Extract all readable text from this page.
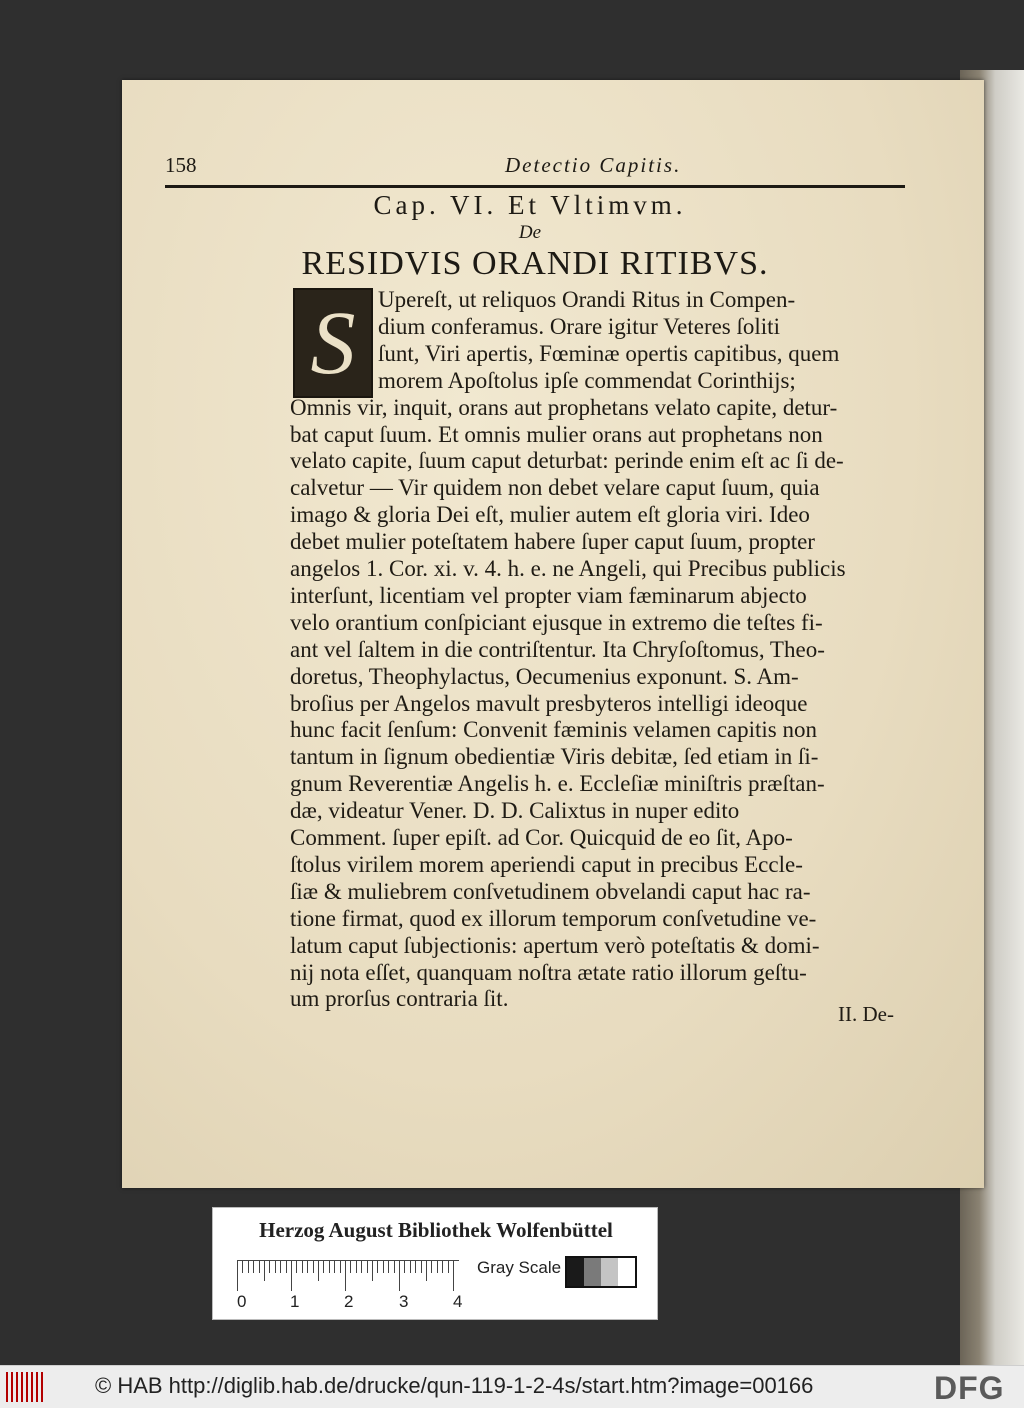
158	Detectio Capitis.
Cap. VI. Et Vltimvm.
De
RESIDVIS ORANDI RITIBVS.
S Upereſt, ut reliquos Orandi Ritus in Compen-
dium conferamus. Orare igitur Veteres ſoliti
ſunt, Viri apertis, Fœminæ opertis capitibus, quem
morem Apoſtolus ipſe commendat Corinthijs;
Omnis vir, inquit, orans aut prophetans velato capite, detur-
bat caput ſuum. Et omnis mulier orans aut prophetans non
velato capite, ſuum caput deturbat: perinde enim eſt ac ſi de-
calvetur — Vir quidem non debet velare caput ſuum, quia
imago & gloria Dei eſt, mulier autem eſt gloria viri. Ideo
debet mulier poteſtatem habere ſuper caput ſuum, propter
angelos 1. Cor. xi. v. 4. h. e. ne Angeli, qui Precibus publicis
interſunt, licentiam vel propter viam fæminarum abjecto
velo orantium conſpiciant ejusque in extremo die teſtes fi-
ant vel ſaltem in die contriſtentur. Ita Chryſoſtomus, Theo-
doretus, Theophylactus, Oecumenius exponunt. S. Am-
broſius per Angelos mavult presbyteros intelligi ideoque
hunc facit ſenſum: Convenit fæminis velamen capitis non
tantum in ſignum obedientiæ Viris debitæ, ſed etiam in ſi-
gnum Reverentiæ Angelis h. e. Eccleſiæ miniſtris præſtan-
dæ, videatur Vener. D. D. Calixtus in nuper edito
Comment. ſuper epiſt. ad Cor. Quicquid de eo ſit, Apo-
ſtolus virilem morem aperiendi caput in precibus Eccle-
ſiæ & muliebrem conſvetudinem obvelandi caput hac ra-
tione firmat, quod ex illorum temporum conſvetudine ve-
latum caput ſubjectionis: apertum verò poteſtatis & domi-
nij nota eſſet, quanquam noſtra ætate ratio illorum geſtu-
um prorſus contraria ſit.
II. De-
Herzog August Bibliothek Wolfenbüttel
0	1	2	3	4
Gray Scale
© HAB http://diglib.hab.de/drucke/qun-119-1-2-4s/start.htm?image=00166	DFG
